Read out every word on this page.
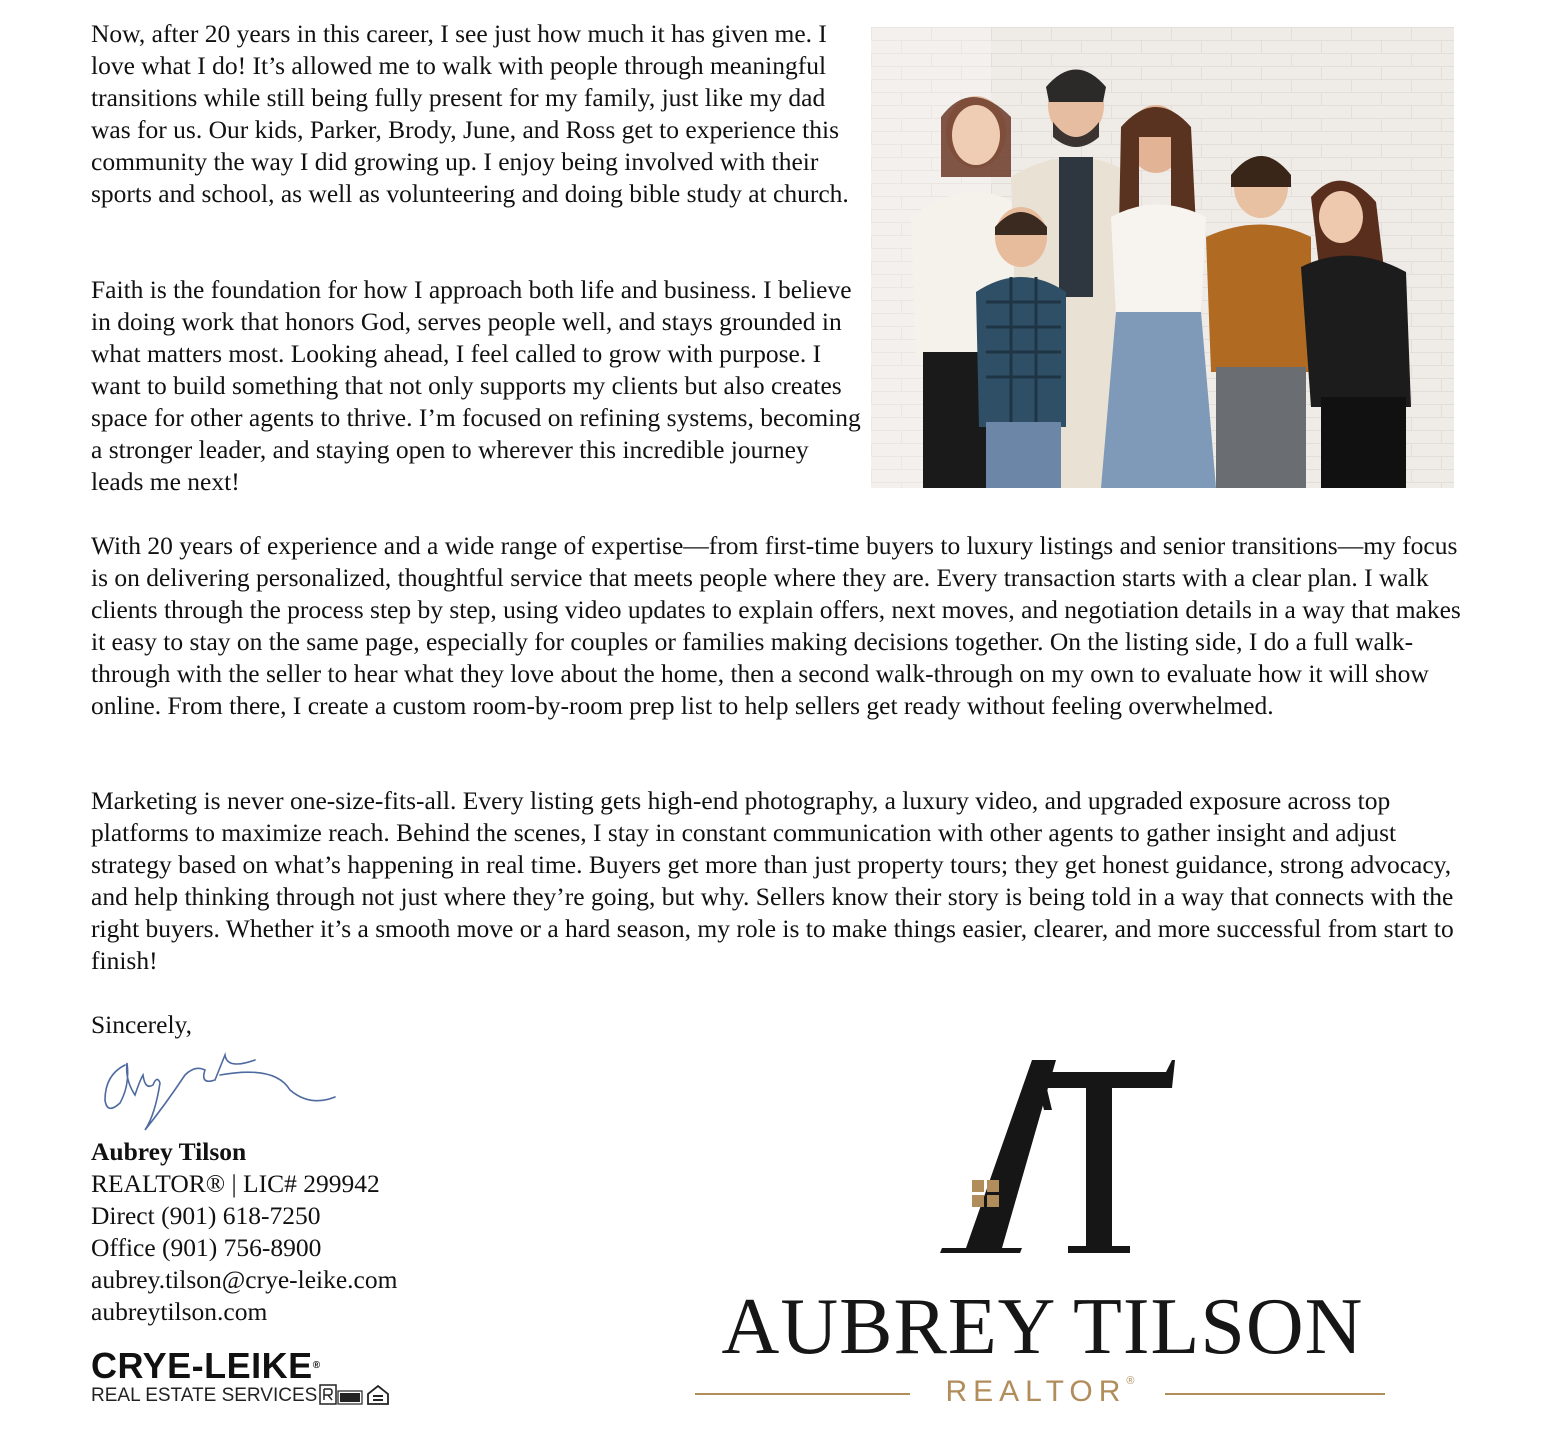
Now, after 20 years in this career, I see just how much it has given me. I love what I do! It’s allowed me to walk with people through meaningful transitions while still being fully present for my family, just like my dad was for us. Our kids, Parker, Brody, June, and Ross get to experience this community the way I did growing up. I enjoy being involved with their sports and school, as well as volunteering and doing bible study at church.

Faith is the foundation for how I approach both life and business. I believe in doing work that honors God, serves people well, and stays grounded in what matters most. Looking ahead, I feel called to grow with purpose. I want to build something that not only supports my clients but also creates space for other agents to thrive. I’m focused on refining systems, becoming a stronger leader, and staying open to wherever this incredible journey leads me next!

With 20 years of experience and a wide range of expertise—from first-time buyers to luxury listings and senior transitions—my focus is on delivering personalized, thoughtful service that meets people where they are. Every transaction starts with a clear plan. I walk clients through the process step by step, using video updates to explain offers, next moves, and negotiation details in a way that makes it easy to stay on the same page, especially for couples or families making decisions together. On the listing side, I do a full walk-through with the seller to hear what they love about the home, then a second walk-through on my own to evaluate how it will show online. From there, I create a custom room-by-room prep list to help sellers get ready without feeling overwhelmed.

Marketing is never one-size-fits-all. Every listing gets high-end photography, a luxury video, and upgraded exposure across top platforms to maximize reach. Behind the scenes, I stay in constant communication with other agents to gather insight and adjust strategy based on what’s happening in real time. Buyers get more than just property tours; they get honest guidance, strong advocacy, and help thinking through not just where they’re going, but why. Sellers know their story is being told in a way that connects with the right buyers. Whether it’s a smooth move or a hard season, my role is to make things easier, clearer, and more successful from start to finish!

Sincerely,

Aubrey Tilson
REALTOR® | LIC# 299942
Direct (901) 618-7250
Office (901) 756-8900
aubrey.tilson@crye-leike.com
aubreytilson.com
CRYE-LEIKE®
REAL ESTATE SERVICES
AUBREY TILSON
REALTOR®
